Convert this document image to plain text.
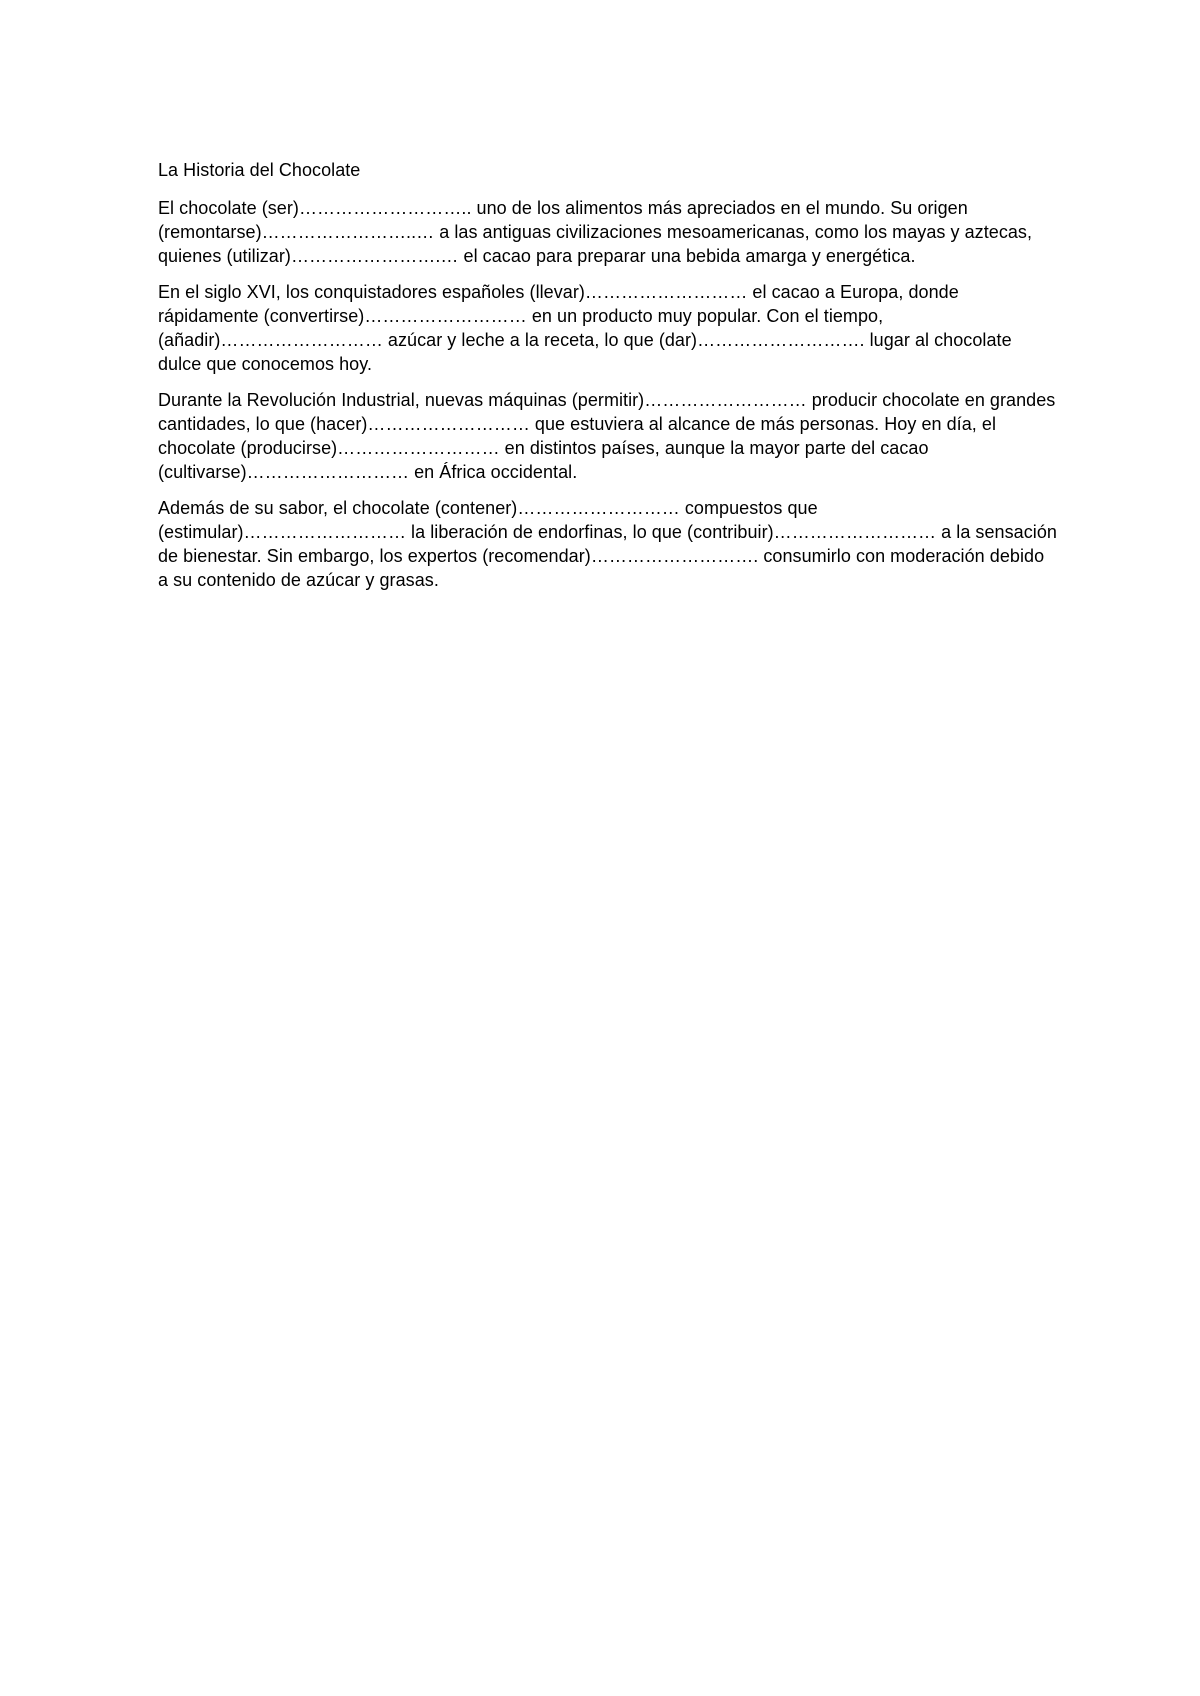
La Historia del Chocolate

El chocolate (ser)……………………….. uno de los alimentos más apreciados en el mundo. Su origen (remontarse)……………………..… a las antiguas civilizaciones mesoamericanas, como los mayas y aztecas, quienes (utilizar)…………………….… el cacao para preparar una bebida amarga y energética.

En el siglo XVI, los conquistadores españoles (llevar)……………………… el cacao a Europa, donde rápidamente (convertirse)……………………… en un producto muy popular. Con el tiempo, (añadir)……………………… azúcar y leche a la receta, lo que (dar)………………………. lugar al chocolate dulce que conocemos hoy.

Durante la Revolución Industrial, nuevas máquinas (permitir)……………………… producir chocolate en grandes cantidades, lo que (hacer)……………………… que estuviera al alcance de más personas. Hoy en día, el chocolate (producirse)……………………… en distintos países, aunque la mayor parte del cacao (cultivarse)……………………… en África occidental.

Además de su sabor, el chocolate (contener)……………………… compuestos que (estimular)……………………… la liberación de endorfinas, lo que (contribuir)……………………… a la sensación de bienestar. Sin embargo, los expertos (recomendar)………………………. consumirlo con moderación debido a su contenido de azúcar y grasas.
